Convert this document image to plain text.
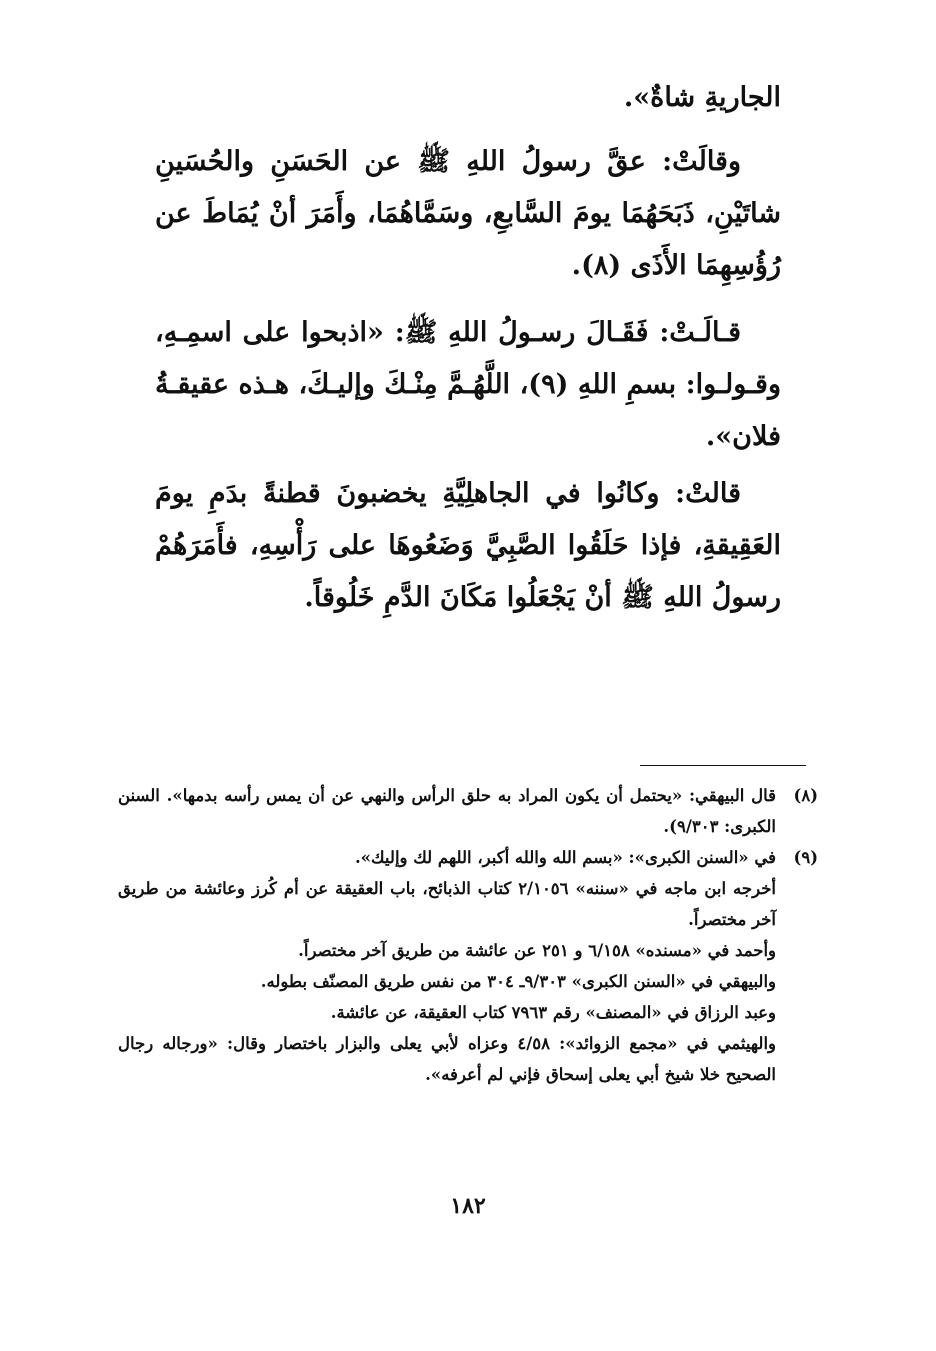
الجاريةِ شاةٌ».
وقالَتْ: عقَّ رسولُ اللهِ ﷺ عن الحَسَنِ والحُسَينِ شاتَيْنِ، ذَبَحَهُمَا يومَ السَّابعِ، وسَمَّاهُمَا، وأَمَرَ أنْ يُمَاطَ عن رُؤُسِهِمَا الأَذَى (٨).
قـالَـتْ: فَقَـالَ رسـولُ اللهِ ﷺ: «اذبحوا على اسمِـهِ، وقـولـوا: بسمِ اللهِ (٩)، اللَّهُـمَّ مِنْـكَ وإليـكَ، هـذه عقيقـةُ فلان».
قالتْ: وكانُوا في الجاهلِيَّةِ يخضبونَ قطنةً بدَمِ يومَ العَقِيقةِ، فإذا حَلَقُوا الصَّبِيَّ وَضَعُوهَا على رَأْسِهِ، فأَمَرَهُمْ رسولُ اللهِ ﷺ أنْ يَجْعَلُوا مَكَانَ الدَّمِ خَلُوقاً.
(٨)

قال البيهقي: «يحتمل أن يكون المراد به حلق الرأس والنهي عن أن يمس رأسه بدمها». السنن الكبرى: ٩/٣٠٣).

(٩)

في «السنن الكبرى»: «بسم الله والله أكبر، اللهم لك وإليك».

أخرجه ابن ماجه في «سننه» ٢/١٠٥٦ كتاب الذبائح، باب العقيقة عن أم كُرز وعائشة من طريق آخر مختصراً.

وأحمد في «مسنده» ٦/١٥٨ و ٢٥١ عن عائشة من طريق آخر مختصراً.

والبيهقي في «السنن الكبرى» ٩/٣٠٣ـ ٣٠٤ من نفس طريق المصنّف بطوله.

وعبد الرزاق في «المصنف» رقم ٧٩٦٣ كتاب العقيقة، عن عائشة.

والهيثمي في «مجمع الزوائد»: ٤/٥٨ وعزاه لأبي يعلى والبزار باختصار وقال: «ورجاله رجال الصحيح خلا شيخ أبي يعلى إسحاق فإني لم أعرفه».

١٨٢
